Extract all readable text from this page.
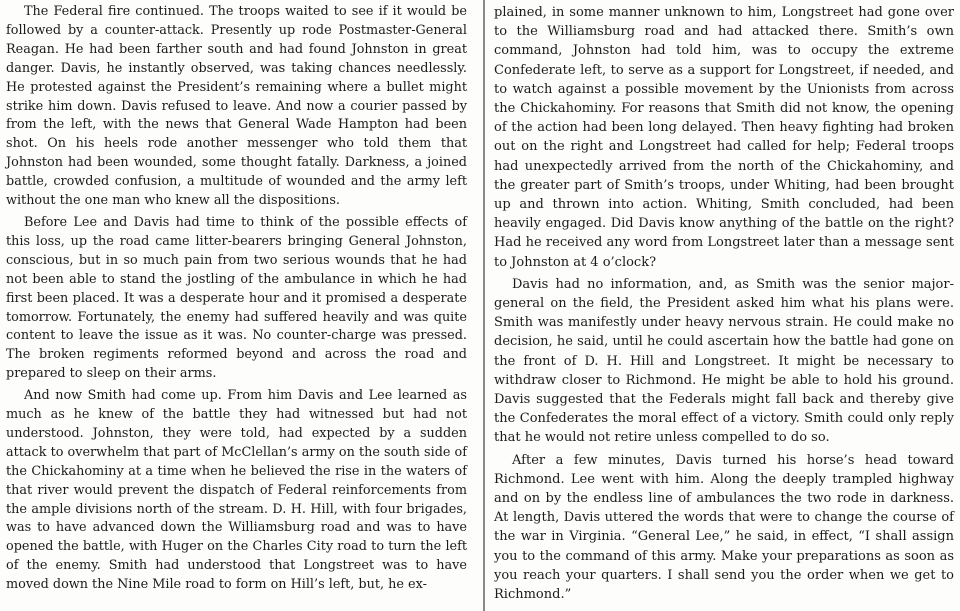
The Federal fire continued. The troops waited to see if it would be followed by a counter-attack. Presently up rode Postmaster-General Reagan. He had been farther south and had found Johnston in great danger. Davis, he instantly observed, was taking chances needlessly. He protested against the President’s remaining where a bullet might strike him down. Davis refused to leave. And now a courier passed by from the left, with the news that General Wade Hampton had been shot. On his heels rode another messenger who told them that Johnston had been wounded, some thought fatally. Darkness, a joined battle, crowded confusion, a multitude of wounded and the army left without the one man who knew all the dispositions.

Before Lee and Davis had time to think of the possible effects of this loss, up the road came litter-bearers bringing General Johnston, conscious, but in so much pain from two serious wounds that he had not been able to stand the jostling of the ambulance in which he had first been placed. It was a desperate hour and it promised a desperate tomorrow. Fortunately, the enemy had suffered heavily and was quite content to leave the issue as it was. No counter-charge was pressed. The broken regiments reformed beyond and across the road and prepared to sleep on their arms.

And now Smith had come up. From him Davis and Lee learned as much as he knew of the battle they had witnessed but had not understood. Johnston, they were told, had expected by a sudden attack to overwhelm that part of McClellan’s army on the south side of the Chickahominy at a time when he believed the rise in the waters of that river would prevent the dispatch of Federal reinforcements from the ample divisions north of the stream. D. H. Hill, with four brigades, was to have advanced down the Williamsburg road and was to have opened the battle, with Huger on the Charles City road to turn the left of the enemy. Smith had understood that Longstreet was to have moved down the Nine Mile road to form on Hill’s left, but, he ex-

plained, in some manner unknown to him, Longstreet had gone over to the Williamsburg road and had attacked there. Smith’s own command, Johnston had told him, was to occupy the extreme Confederate left, to serve as a support for Longstreet, if needed, and to watch against a possible movement by the Unionists from across the Chickahominy. For reasons that Smith did not know, the opening of the action had been long delayed. Then heavy fighting had broken out on the right and Longstreet had called for help; Federal troops had unexpectedly arrived from the north of the Chickahominy, and the greater part of Smith’s troops, under Whiting, had been brought up and thrown into action. Whiting, Smith concluded, had been heavily engaged. Did Davis know anything of the battle on the right? Had he received any word from Longstreet later than a message sent to Johnston at 4 o’clock?

Davis had no information, and, as Smith was the senior major-general on the field, the President asked him what his plans were. Smith was manifestly under heavy nervous strain. He could make no decision, he said, until he could ascertain how the battle had gone on the front of D. H. Hill and Longstreet. It might be necessary to withdraw closer to Richmond. He might be able to hold his ground. Davis suggested that the Federals might fall back and thereby give the Confederates the moral effect of a victory. Smith could only reply that he would not retire unless compelled to do so.

After a few minutes, Davis turned his horse’s head toward Richmond. Lee went with him. Along the deeply trampled highway and on by the endless line of ambulances the two rode in darkness. At length, Davis uttered the words that were to change the course of the war in Virginia. “General Lee,” he said, in effect, “I shall assign you to the command of this army. Make your preparations as soon as you reach your quarters. I shall send you the order when we get to Richmond.”
